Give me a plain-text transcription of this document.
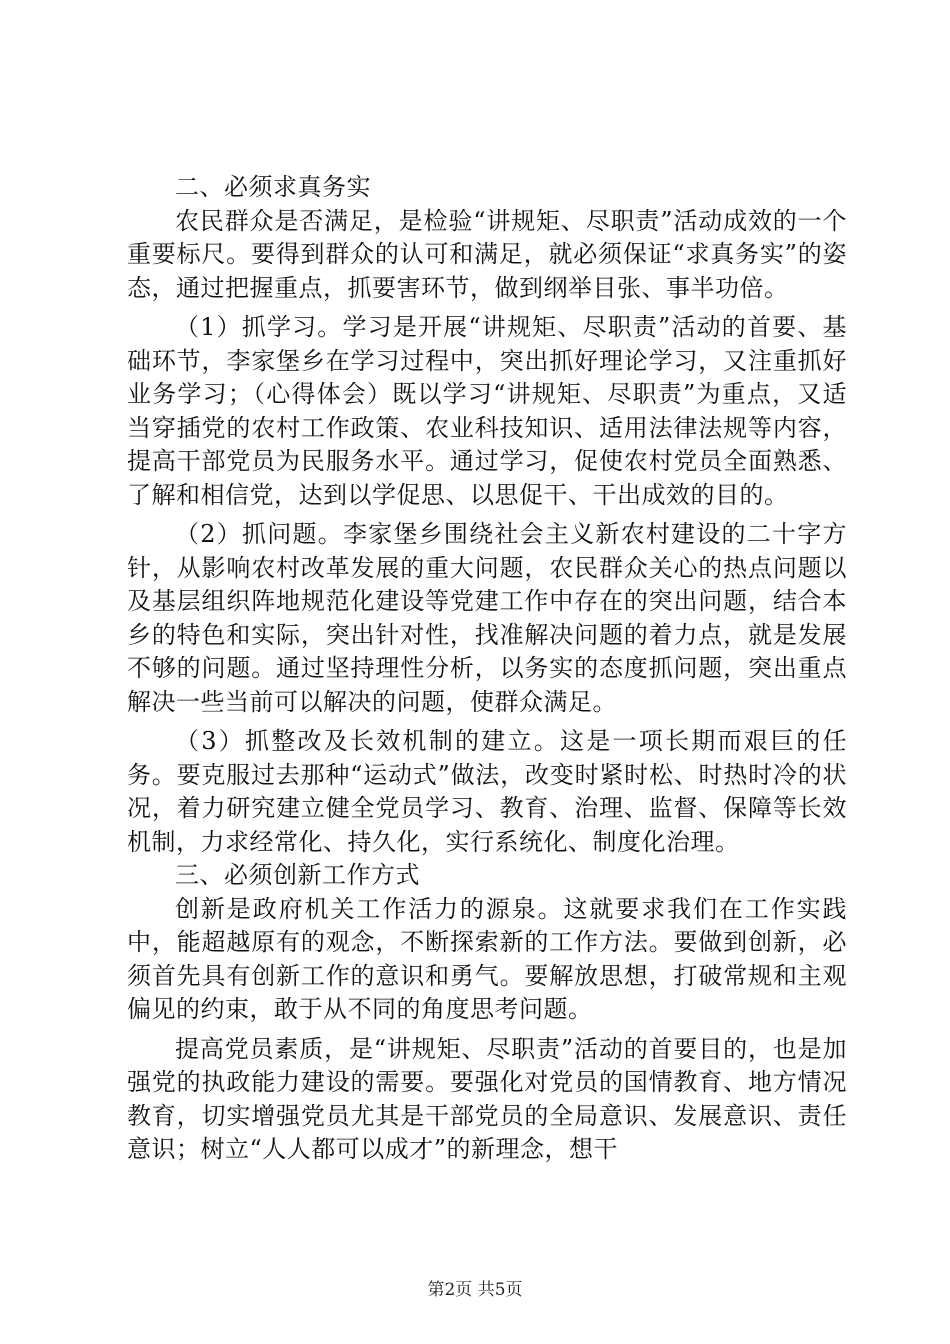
二、必须求真务实

农民群众是否满足，是检验“讲规矩、尽职责”活动成效的一个重要标尺。要得到群众的认可和满足，就必须保证“求真务实”的姿态，通过把握重点，抓要害环节，做到纲举目张、事半功倍。

（1）抓学习。学习是开展“讲规矩、尽职责”活动的首要、基础环节，李家堡乡在学习过程中，突出抓好理论学习，又注重抓好业务学习；（心得体会）既以学习“讲规矩、尽职责”为重点，又适当穿插党的农村工作政策、农业科技知识、适用法律法规等内容，提高干部党员为民服务水平。通过学习，促使农村党员全面熟悉、了解和相信党，达到以学促思、以思促干、干出成效的目的。

（2）抓问题。李家堡乡围绕社会主义新农村建设的二十字方针，从影响农村改革发展的重大问题，农民群众关心的热点问题以及基层组织阵地规范化建设等党建工作中存在的突出问题，结合本乡的特色和实际，突出针对性，找准解决问题的着力点，就是发展不够的问题。通过坚持理性分析，以务实的态度抓问题，突出重点解决一些当前可以解决的问题，使群众满足。

（3）抓整改及长效机制的建立。这是一项长期而艰巨的任务。要克服过去那种“运动式”做法，改变时紧时松、时热时冷的状况，着力研究建立健全党员学习、教育、治理、监督、保障等长效机制，力求经常化、持久化，实行系统化、制度化治理。

三、必须创新工作方式

创新是政府机关工作活力的源泉。这就要求我们在工作实践中，能超越原有的观念，不断探索新的工作方法。要做到创新，必须首先具有创新工作的意识和勇气。要解放思想，打破常规和主观偏见的约束，敢于从不同的角度思考问题。

提高党员素质，是“讲规矩、尽职责”活动的首要目的，也是加强党的执政能力建设的需要。要强化对党员的国情教育、地方情况教育，切实增强党员尤其是干部党员的全局意识、发展意识、责任意识；树立“人人都可以成才”的新理念，想干

第2页 共5页
